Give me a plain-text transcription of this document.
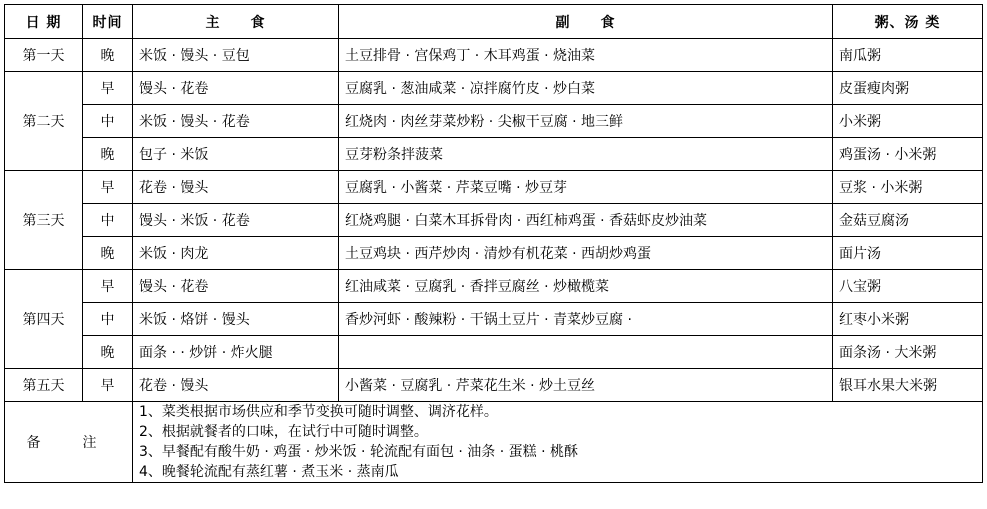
日 期	时间	主　　食	副　　食	粥、汤 类
第一天	晚	米饭 · 馒头 · 豆包	土豆排骨 · 宫保鸡丁 · 木耳鸡蛋 · 烧油菜	南瓜粥
第二天	早	馒头 · 花卷	豆腐乳 · 葱油咸菜 · 凉拌腐竹皮 · 炒白菜	皮蛋瘦肉粥
	中	米饭 · 馒头 · 花卷	红烧肉 · 肉丝芽菜炒粉 · 尖椒干豆腐 · 地三鲜	小米粥
	晚	包子 · 米饭	豆芽粉条拌菠菜	鸡蛋汤 · 小米粥
第三天	早	花卷 · 馒头	豆腐乳 · 小酱菜 · 芹菜豆嘴 · 炒豆芽	豆浆 · 小米粥
	中	馒头 · 米饭 · 花卷	红烧鸡腿 · 白菜木耳拆骨肉 · 西红柿鸡蛋 · 香菇虾皮炒油菜	金菇豆腐汤
	晚	米饭 · 肉龙	土豆鸡块 · 西芹炒肉 · 清炒有机花菜 · 西胡炒鸡蛋	面片汤
第四天	早	馒头 · 花卷	红油咸菜 · 豆腐乳 · 香拌豆腐丝 · 炒橄榄菜	八宝粥
	中	米饭 · 烙饼 · 馒头	香炒河虾 · 酸辣粉 · 干锅土豆片 · 青菜炒豆腐 ·	红枣小米粥
	晚	面条 · · 炒饼 · 炸火腿		面条汤 · 大米粥
第五天	早	花卷 · 馒头	小酱菜 · 豆腐乳 · 芹菜花生米 · 炒土豆丝	银耳水果大米粥
备　注		1、菜类根据市场供应和季节变换可随时调整、调济花样。
2、根据就餐者的口味，在试行中可随时调整。
3、早餐配有酸牛奶 · 鸡蛋 · 炒米饭 · 轮流配有面包 · 油条 · 蛋糕 · 桃酥
4、晚餐轮流配有蒸红薯 · 煮玉米 · 蒸南瓜		
